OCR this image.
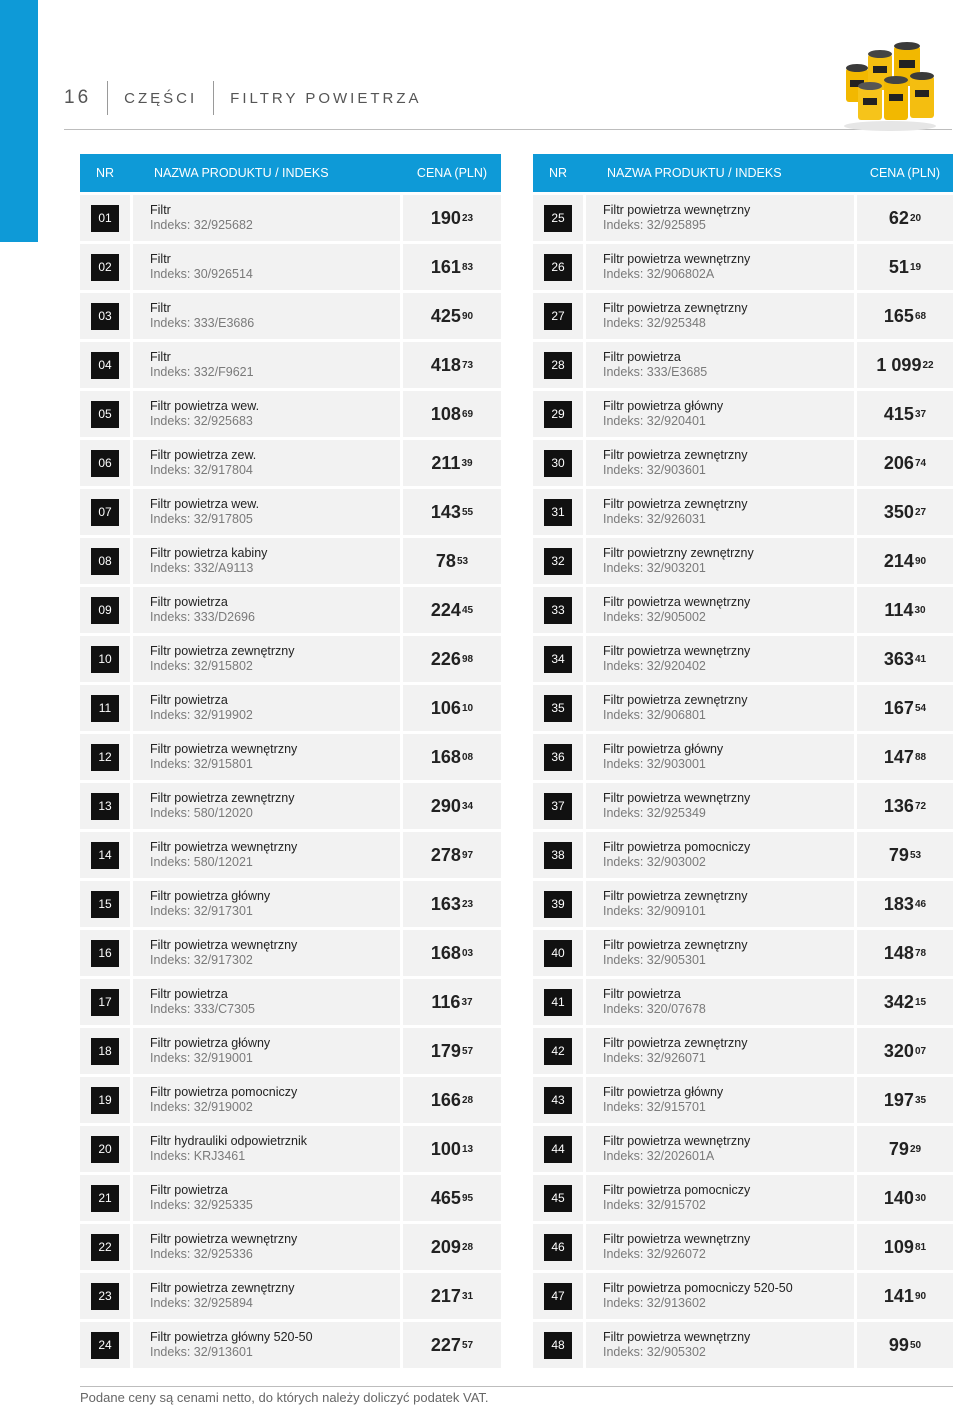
16 CZĘŚCI FILTRY POWIETRZA
NR	NAZWA PRODUKTU / INDEKS	CENA (PLN)
01
Filtr
Indeks: 32/925682	190 23
02
Filtr
Indeks: 30/926514	161 83
03
Filtr
Indeks: 333/E3686	425 90
04
Filtr
Indeks: 332/F9621	418 73
05
Filtr powietrza wew.
Indeks: 32/925683	108 69
06
Filtr powietrza zew.
Indeks: 32/917804	211 39
07
Filtr powietrza wew.
Indeks: 32/917805	143 55
08
Filtr powietrza kabiny
Indeks: 332/A9113	78 53
09
Filtr powietrza
Indeks: 333/D2696	224 45
10
Filtr powietrza zewnętrzny
Indeks: 32/915802	226 98
11
Filtr powietrza
Indeks: 32/919902	106 10
12
Filtr powietrza wewnętrzny
Indeks: 32/915801	168 08
13
Filtr powietrza zewnętrzny
Indeks: 580/12020	290 34
14
Filtr powietrza wewnętrzny
Indeks: 580/12021	278 97
15
Filtr powietrza główny
Indeks: 32/917301	163 23
16
Filtr powietrza wewnętrzny
Indeks: 32/917302	168 03
17
Filtr powietrza
Indeks: 333/C7305	116 37
18
Filtr powietrza główny
Indeks: 32/919001	179 57
19
Filtr powietrza pomocniczy
Indeks: 32/919002	166 28
20
Filtr hydrauliki odpowietrznik
Indeks: KRJ3461	100 13
21
Filtr powietrza
Indeks: 32/925335	465 95
22
Filtr powietrza wewnętrzny
Indeks: 32/925336	209 28
23
Filtr powietrza zewnętrzny
Indeks: 32/925894	217 31
24
Filtr powietrza główny 520-50
Indeks: 32/913601	227 57
NR	NAZWA PRODUKTU / INDEKS	CENA (PLN)
25
Filtr powietrza wewnętrzny
Indeks: 32/925895	62 20
26
Filtr powietrza wewnętrzny
Indeks: 32/906802A	51 19
27
Filtr powietrza zewnętrzny
Indeks: 32/925348	165 68
28
Filtr powietrza
Indeks: 333/E3685	1 099 22
29
Filtr powietrza główny
Indeks: 32/920401	415 37
30
Filtr powietrza zewnętrzny
Indeks: 32/903601	206 74
31
Filtr powietrza zewnętrzny
Indeks: 32/926031	350 27
32
Filtr powietrzny zewnętrzny
Indeks: 32/903201	214 90
33
Filtr powietrza wewnętrzny
Indeks: 32/905002	114 30
34
Filtr powietrza wewnętrzny
Indeks: 32/920402	363 41
35
Filtr powietrza zewnętrzny
Indeks: 32/906801	167 54
36
Filtr powietrza główny
Indeks: 32/903001	147 88
37
Filtr powietrza wewnętrzny
Indeks: 32/925349	136 72
38
Filtr powietrza pomocniczy
Indeks: 32/903002	79 53
39
Filtr powietrza zewnętrzny
Indeks: 32/909101	183 46
40
Filtr powietrza zewnętrzny
Indeks: 32/905301	148 78
41
Filtr powietrza
Indeks: 320/07678	342 15
42
Filtr powietrza zewnętrzny
Indeks: 32/926071	320 07
43
Filtr powietrza główny
Indeks: 32/915701	197 35
44
Filtr powietrza wewnętrzny
Indeks: 32/202601A	79 29
45
Filtr powietrza pomocniczy
Indeks: 32/915702	140 30
46
Filtr powietrza wewnętrzny
Indeks: 32/926072	109 81
47
Filtr powietrza pomocniczy 520-50
Indeks: 32/913602	141 90
48
Filtr powietrza wewnętrzny
Indeks: 32/905302	99 50
Podane ceny są cenami netto, do których należy doliczyć podatek VAT.
